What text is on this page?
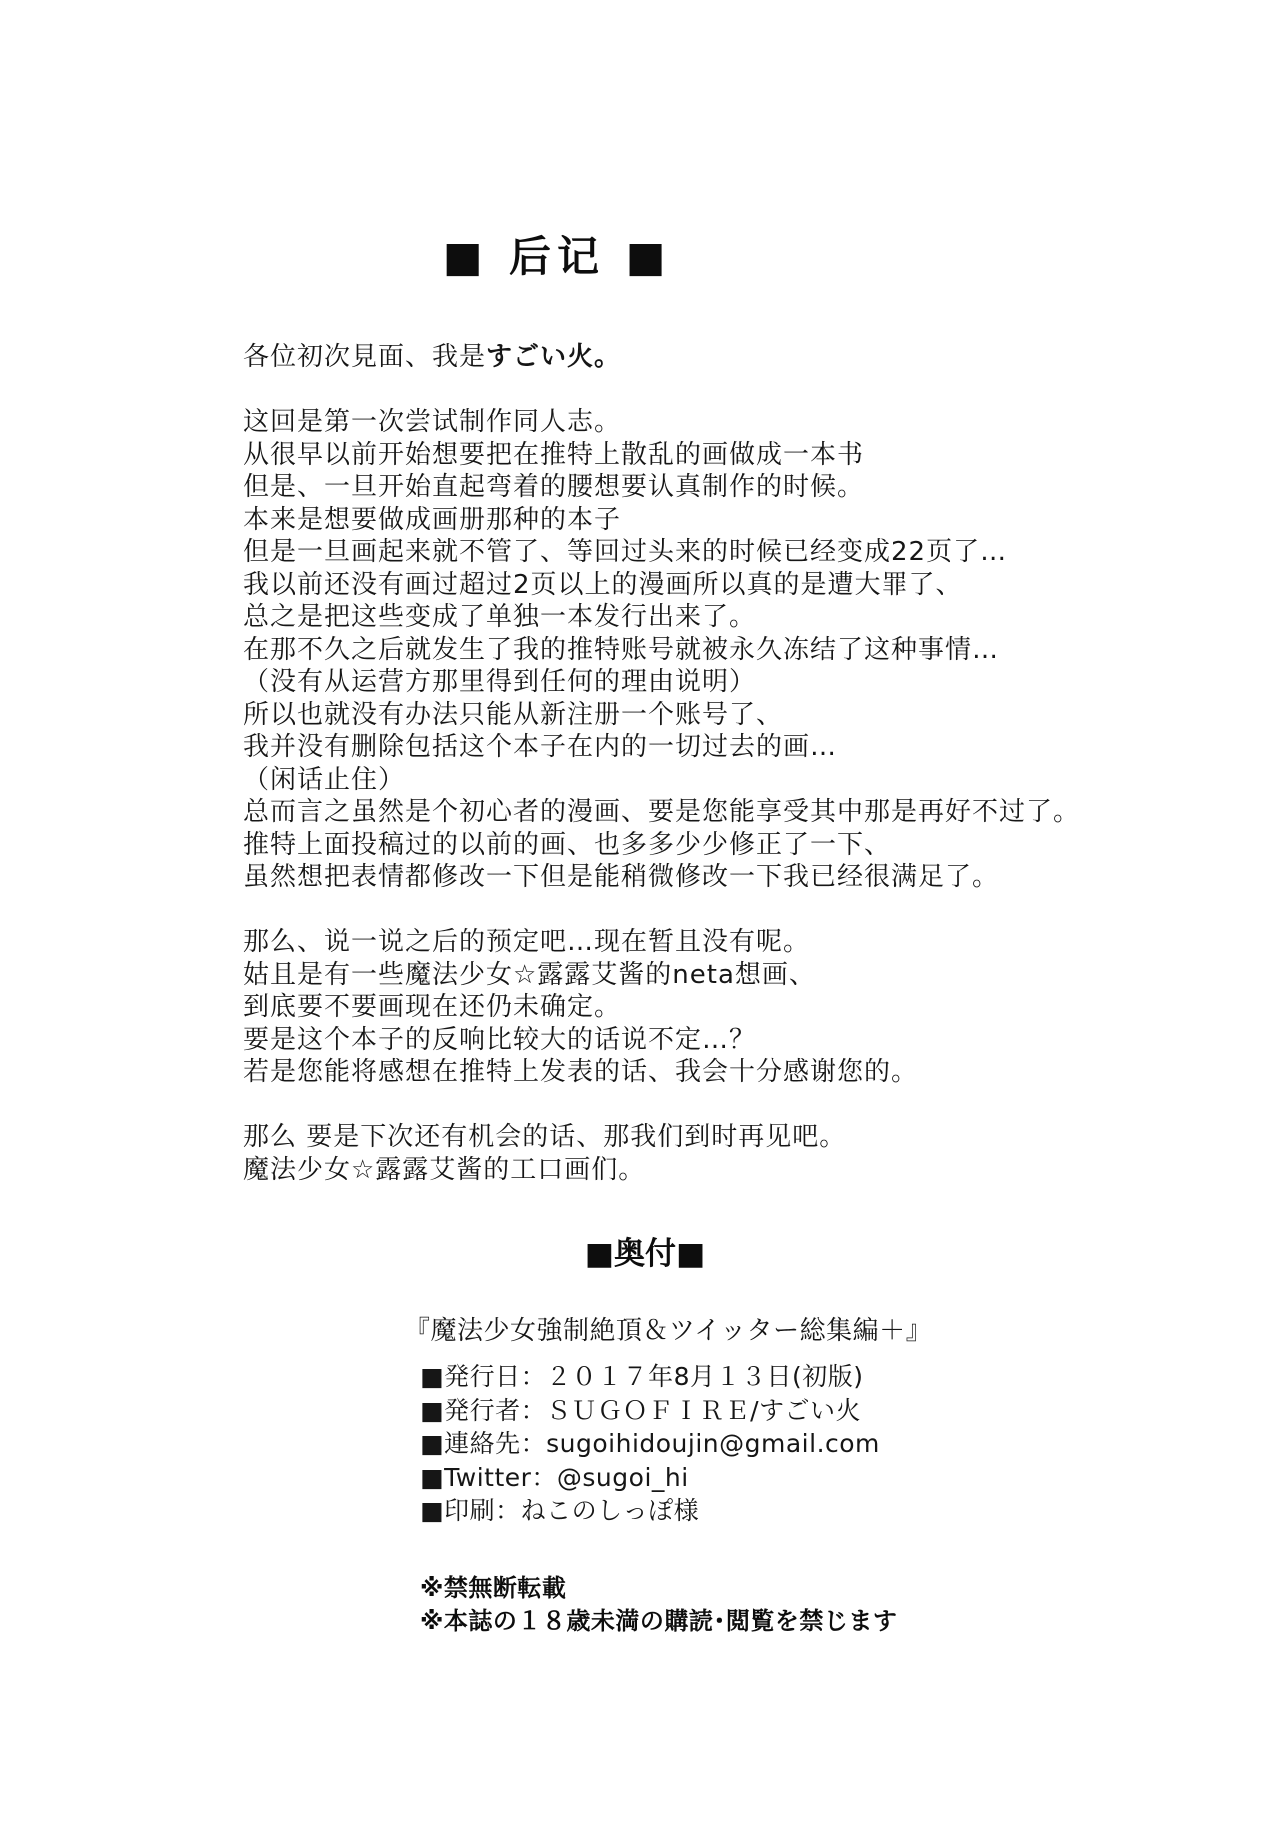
■ 后记 ■
各位初次見面、我是すごい火。

这回是第一次尝试制作同人志。
从很早以前开始想要把在推特上散乱的画做成一本书
但是、一旦开始直起弯着的腰想要认真制作的时候。
本来是想要做成画册那种的本子
但是一旦画起来就不管了、等回过头来的时候已经变成22页了…
我以前还没有画过超过2页以上的漫画所以真的是遭大罪了、
总之是把这些变成了单独一本发行出来了。
在那不久之后就发生了我的推特账号就被永久冻结了这种事情…
（没有从运营方那里得到任何的理由说明）
所以也就没有办法只能从新注册一个账号了、
我并没有删除包括这个本子在内的一切过去的画…
（闲话止住）
总而言之虽然是个初心者的漫画、要是您能享受其中那是再好不过了。
推特上面投稿过的以前的画、也多多少少修正了一下、
虽然想把表情都修改一下但是能稍微修改一下我已经很满足了。

那么、说一说之后的预定吧…现在暂且没有呢。
姑且是有一些魔法少女☆露露艾酱的neta想画、
到底要不要画现在还仍未确定。
要是这个本子的反响比较大的话说不定…？
若是您能将感想在推特上发表的话、我会十分感谢您的。

那么 要是下次还有机会的话、那我们到时再见吧。
魔法少女☆露露艾酱的工口画们。
■奥付■
『魔法少女強制絶頂＆ツイッター総集編＋』
■発行日：２０１７年8月１３日(初版)
■発行者：ＳＵＧＯＦＩＲＥ/すごい火
■連絡先：sugoihidoujin@gmail.com
■Twitter：@sugoi_hi
■印刷：ねこのしっぽ様
※禁無断転載
※本誌の１８歳未満の購読･閲覧を禁じます
